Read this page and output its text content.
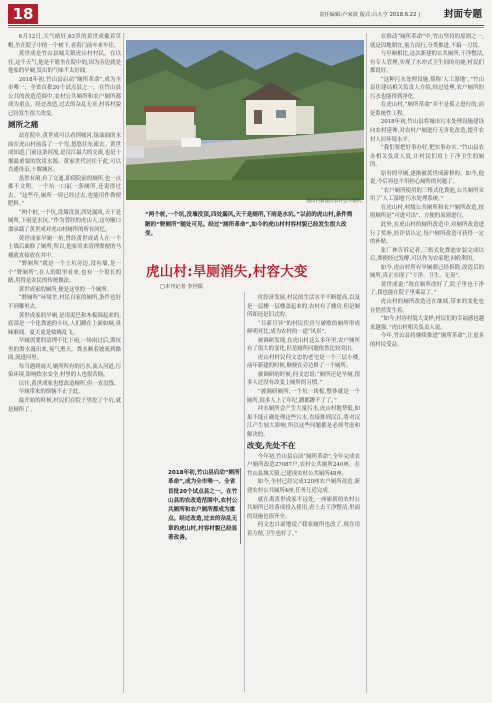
18	责任编辑:卢家波 版式:吕大亨 2018.6.22 |	封面专题

6月12日,天气晴好,63岁的黄世成戴着草帽,坐在院子中的一个树下,看着门前车来车往。

黄世成是竹山县城关镇虎山村村民。在以往,这个天气,他是不愿坐在院中的,因为旁边就是他家的旱厕,发出的气味不太好闻。

2018年初,竹山县启动“厕所革命”,成为全市唯一、全省首批20个试点县之一。在竹山县公共的改造范围中,农村公共厕所和农户厕所都成为重点。经过改造,过去的杂乱无章,村容村貌已经发生很大改变。

厕所之痛

站在院中,黄世成可以看到城河,绿油油的水面在虎山村前荡了一个弯,悠悠往东流去。黄世成知道,门前这条河流,是汉江最大的支流,也是十堰最重要的饮用水源。黄家世代居住于此,可以直通母亲,十堰城区。

虽然有洞,有了交通,即使院前的厕所,也一点都不文明。一个坑一口缸一条厕所,还说得过去。“这些年,厕所一周已经过去,也能用作粪便肥料。”

“两个桩,一个坑,没墙没顶,四处漏风,天干是厕所,下雨是水坑。”作为曾经的虎山人,这句顺口溜承载了黄世成对虎山村厕所的所有回忆。

黄世成家旱厕一角,曾经黄世成请人在一个土墙后面修了厕所,所以,他家用来清理粪便的马桶就直接放在其中。

“野厕所”就是一个土坑旁边,没有墙,是一个“野厕所”,在人的眼里看来,也有一个很长的路,用得是农民的传统做法。

黄世成家的厕所,便是这里的一个厕所。

“野厕所”环境差,村民自家的厕所,条件也好不到哪里去。

黄世成家的旱厕,是用泥巴和木板围起来的,底部是一个化粪池的小坑,人们蹲在上面如厕,臭味难闻。夏天更是蚊蝇乱飞。

早厕需要的清理不比下雨,一场雨过后,粪坑里的粪水漫出来,臭气熏天。粪水顺着坡流到路面,流进河里。

每当遇到雨天,厕所所有的污水,流入河道,污染环境,影响饮水安全,村里的人也很苦恼。

以往,黄世成家也想改造厕所,但一直没钱。

早厕带来的烦恼不止于此。

最开始的时候,村民们在院子里挖了个坑,就是厕所了。

虎山村新建的农村公共厕所。
“两个桩,一个坑,没墙没顶,四处漏风,天干是厕所,下雨是水坑。”以前的虎山村,条件简陋的“野厕所”随处可见。经过“厕所革命”,如今的虎山村村容村貌已经发生很大改变。
虎山村:旱厕消失,村容大变
□本刊记者 李世儒
2018年初,竹山县启动“厕所革命”,成为全市唯一、全省首批20个试点县之一。在竹山县的农改造范围中,农村公共厕所和农户厕所都成为重点。经过改造,过去的杂乱无章的虎山村,村容村貌已经显著改善。

付经济发展,村民的生活水平不断提高,以及是一层楼一层楼盖起来的,农村有了楼房,但是厕所却还是旧式的。

“日新月异”的村民住房与破败的厕所形成鲜明对比,成为农村的一道“风景”。

被调研发现,在虎山村这么多年里,农户厕所有了很大的变化,但是厕所问题依然比较突出。

虎山村村民何文忠的老宅是一个三层小楼,前年新建的时候,顺便在旁边修了一个厕所。

被调研的时候,何文忠说:“厕所还是旱厕,很多人还没有改变上厕所的习惯。”

“被调研厕所,一个坑一块板,整体就是一个厕所,很多人上了年纪,蹲都蹲不了了。”

冲水厕所会产生大量污水,虎山村地势低,如果不能正确处理这些污水,直接排到汉江,将对汉江产生较大影响,所以这些问题都是必须考虑和解决的。

改变,先处不在

今年初,竹山县启动“厕所革命”,全年完成农户厕所改造27087户,农村公共厕所240座。在竹山县城关镇,已建成农村公共厕所48座。

如今,全村已经完成120座农户厕所改造,新建农村公共厕所4座,任务几近完成。

就在离黄世成家不远处,一座崭新的农村公共厕所已经落成投入使用,看上去干净整洁,里面的设施也很齐全。

何文忠自豪地说:“我家厕所也改了,现在用着方便,卫生也好了。”

在推动“厕所革命”中,竹山坚持的原则之一,就是因地制宜,量力而行,分类推进,不搞一刀切。

与早厕相比,这次新建的公共厕所,干净整洁,有专人管理,实现了水冲式卫生间的功能,村民们都说好。

“这种污水处理设施,简称‘人工湿地’。”竹山县住建局相关负责人介绍,经过处理,农户厕所的污水也能得到净化。

在虎山村,“厕所革命”并不是孤立进行的,而是系统性工程。

2018年初,竹山县将城市污水处理设施建设向农村延伸,对农村户厕进行无害化改造,提升农村人居环境水平。

“我们要把好事办好,把实事办实。”竹山县农办相关负责人说,让村民们用上干净卫生的厕所。

原有的旱厕,逐渐被黄世成新修的、如今,他说,今后再也不用担心厕所的问题了。

“农户厕所使用的三格式化粪池,公共厕所采用了‘人工湿地’污水处理系统。”

在虎山村,村级公共厕所和农户厕所改造,按照厕所是“可进可出”、方便的原则进行。

此外,在虎山村的厕所改造中,对厕所改造进行了奖补,经评估认定,每户厕所改造可获得一定的补贴。

张厂林告诉记者,三格式化粪池安装完成以后,粪便经过发酵,可以作为农家肥,回收利用。

如今,虎山村所有旱厕都已经拆除,改造后的厕所,真正实现了“干净、卫生、无臭”。

黄世成说:“现在厕所改好了,院子里也干净了,我也能在院子里乘凉了。”

虎山村的厕所改造还在继续,带来的变化也在悄然发生着。

“如今,村容村貌大变样,村民们的幸福感也越来越强。”虎山村相关负责人说。

今年,竹山县将继续推进“厕所革命”,让更多的村民受益。
